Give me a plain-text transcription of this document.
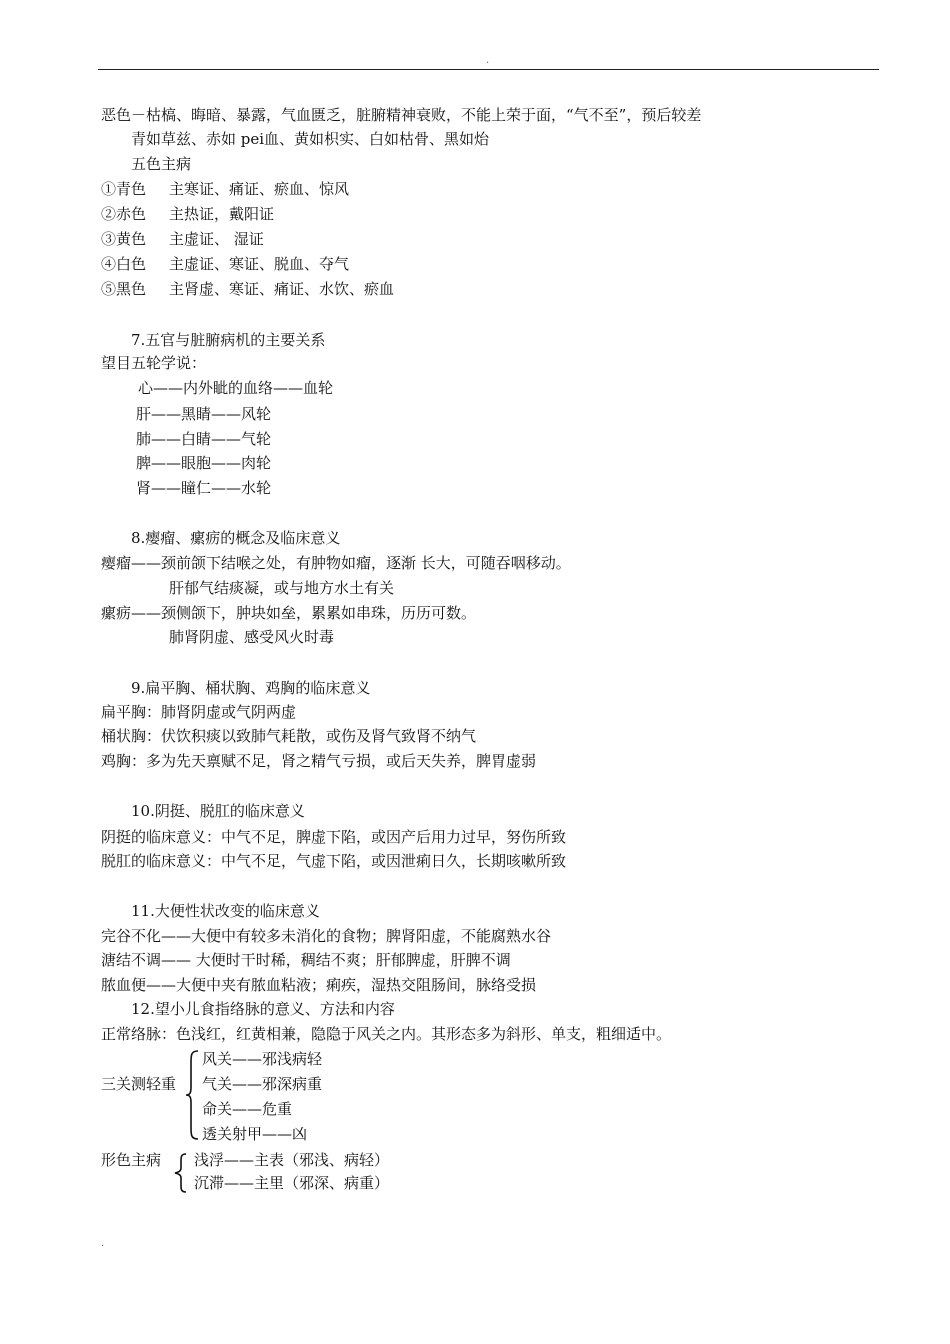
.
恶色－枯槁、晦暗、暴露，气血匮乏，脏腑精神衰败，不能上荣于面，“气不至”，预后较差
青如草兹、赤如 pei血、黄如枳实、白如枯骨、黑如炲
五色主病
①青色 主寒证、痛证、瘀血、惊风
②赤色 主热证，戴阳证
③黄色 主虚证、 湿证
④白色 主虚证、寒证、脱血、夺气
⑤黑色 主肾虚、寒证、痛证、水饮、瘀血
7.五官与脏腑病机的主要关系
望目五轮学说：
心——内外眦的血络——血轮
肝——黑睛——风轮
肺——白睛——气轮
脾——眼胞——肉轮
肾——瞳仁——水轮
8.瘿瘤、瘰疬的概念及临床意义
瘿瘤——颈前颌下结喉之处，有肿物如瘤，逐渐 长大，可随吞咽移动。
肝郁气结痰凝，或与地方水土有关
瘰疬——颈侧颌下，肿块如垒，累累如串珠，历历可数。
肺肾阴虚、感受风火时毒
9.扁平胸、桶状胸、鸡胸的临床意义
扁平胸：肺肾阴虚或气阴两虚
桶状胸：伏饮积痰以致肺气耗散，或伤及肾气致肾不纳气
鸡胸：多为先天禀赋不足，肾之精气亏损，或后天失养，脾胃虚弱
10.阴挺、脱肛的临床意义
阴挺的临床意义：中气不足，脾虚下陷，或因产后用力过早，努伤所致
脱肛的临床意义：中气不足，气虚下陷，或因泄痢日久，长期咳嗽所致
11.大便性状改变的临床意义
完谷不化——大便中有较多未消化的食物；脾肾阳虚，不能腐熟水谷
溏结不调—— 大便时干时稀，稠结不爽；肝郁脾虚，肝脾不调
脓血便——大便中夹有脓血粘液；痢疾，湿热交阻肠间，脉络受损
12.望小儿食指络脉的意义、方法和内容
正常络脉：色浅红，红黄相兼，隐隐于风关之内。其形态多为斜形、单支，粗细适中。
三关测轻重
风关——邪浅病轻
气关——邪深病重
命关——危重
透关射甲——凶
形色主病 浅浮——主表（邪浅、病轻）
沉滞——主里（邪深、病重）
.
